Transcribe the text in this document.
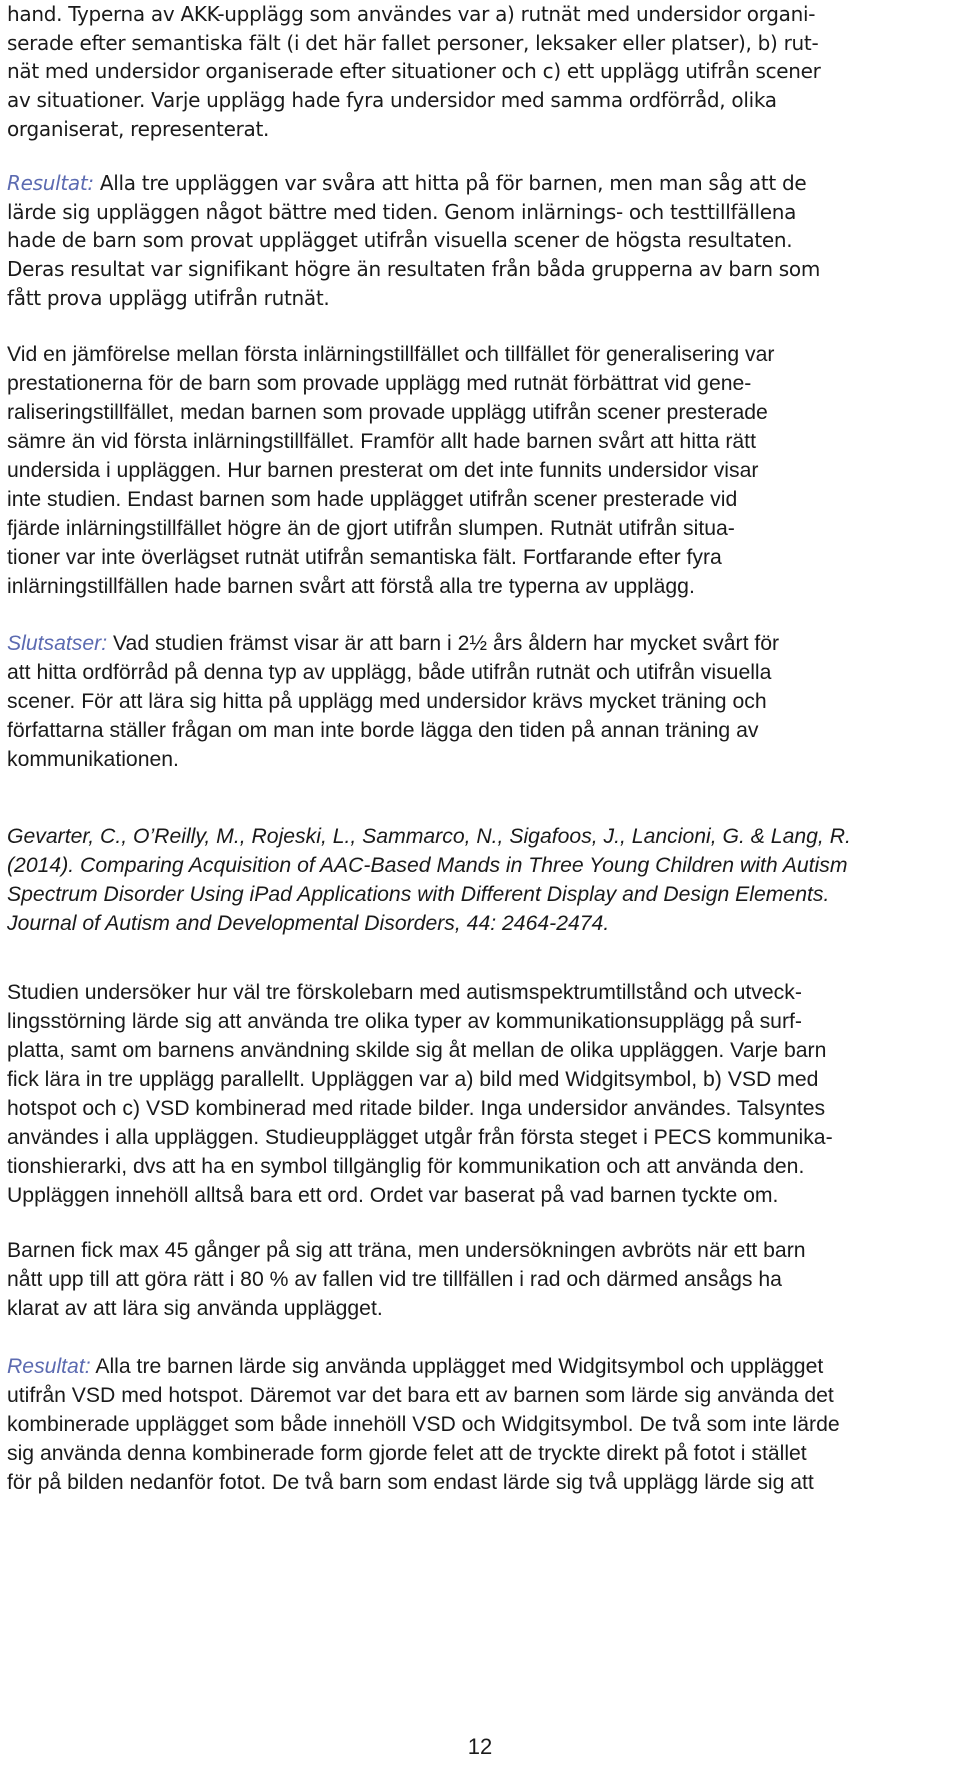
hand. Typerna av AKK-upplägg som användes var a) rutnät med undersidor organi-
serade efter semantiska fält (i det här fallet personer, leksaker eller platser), b) rut-
nät med undersidor organiserade efter situationer och c) ett upplägg utifrån scener
av situationer. Varje upplägg hade fyra undersidor med samma ordförråd, olika
organiserat, representerat.
Resultat: Alla tre uppläggen var svåra att hitta på för barnen, men man såg att de
lärde sig uppläggen något bättre med tiden. Genom inlärnings- och testtillfällena
hade de barn som provat upplägget utifrån visuella scener de högsta resultaten.
Deras resultat var signifikant högre än resultaten från båda grupperna av barn som
fått prova upplägg utifrån rutnät.
Vid en jämförelse mellan första inlärningstillfället och tillfället för generalisering var
prestationerna för de barn som provade upplägg med rutnät förbättrat vid gene-
raliseringstillfället, medan barnen som provade upplägg utifrån scener presterade
sämre än vid första inlärningstillfället. Framför allt hade barnen svårt att hitta rätt
undersida i uppläggen. Hur barnen presterat om det inte funnits undersidor visar
inte studien. Endast barnen som hade upplägget utifrån scener presterade vid
fjärde inlärningstillfället högre än de gjort utifrån slumpen. Rutnät utifrån situa-
tioner var inte överlägset rutnät utifrån semantiska fält. Fortfarande efter fyra
inlärningstillfällen hade barnen svårt att förstå alla tre typerna av upplägg.
Slutsatser: Vad studien främst visar är att barn i 2½ års åldern har mycket svårt för
att hitta ordförråd på denna typ av upplägg, både utifrån rutnät och utifrån visuella
scener. För att lära sig hitta på upplägg med undersidor krävs mycket träning och
författarna ställer frågan om man inte borde lägga den tiden på annan träning av
kommunikationen.
Gevarter, C., O’Reilly, M., Rojeski, L., Sammarco, N., Sigafoos, J., Lancioni, G. & Lang, R.
(2014). Comparing Acquisition of AAC-Based Mands in Three Young Children with Autism
Spectrum Disorder Using iPad Applications with Different Display and Design Elements.
Journal of Autism and Developmental Disorders, 44: 2464-2474.
Studien undersöker hur väl tre förskolebarn med autismspektrumtillstånd och utveck-
lingsstörning lärde sig att använda tre olika typer av kommunikationsupplägg på surf-
platta, samt om barnens användning skilde sig åt mellan de olika uppläggen. Varje barn
fick lära in tre upplägg parallellt. Uppläggen var a) bild med Widgitsymbol, b) VSD med
hotspot och c) VSD kombinerad med ritade bilder. Inga undersidor användes. Talsyntes
användes i alla uppläggen. Studieupplägget utgår från första steget i PECS kommunika-
tionshierarki, dvs att ha en symbol tillgänglig för kommunikation och att använda den.
Uppläggen innehöll alltså bara ett ord. Ordet var baserat på vad barnen tyckte om.
Barnen fick max 45 gånger på sig att träna, men undersökningen avbröts när ett barn
nått upp till att göra rätt i 80 % av fallen vid tre tillfällen i rad och därmed ansågs ha
klarat av att lära sig använda upplägget.
Resultat: Alla tre barnen lärde sig använda upplägget med Widgitsymbol och upplägget
utifrån VSD med hotspot. Däremot var det bara ett av barnen som lärde sig använda det
kombinerade upplägget som både innehöll VSD och Widgitsymbol. De två som inte lärde
sig använda denna kombinerade form gjorde felet att de tryckte direkt på fotot i stället
för på bilden nedanför fotot. De två barn som endast lärde sig två upplägg lärde sig att
12
